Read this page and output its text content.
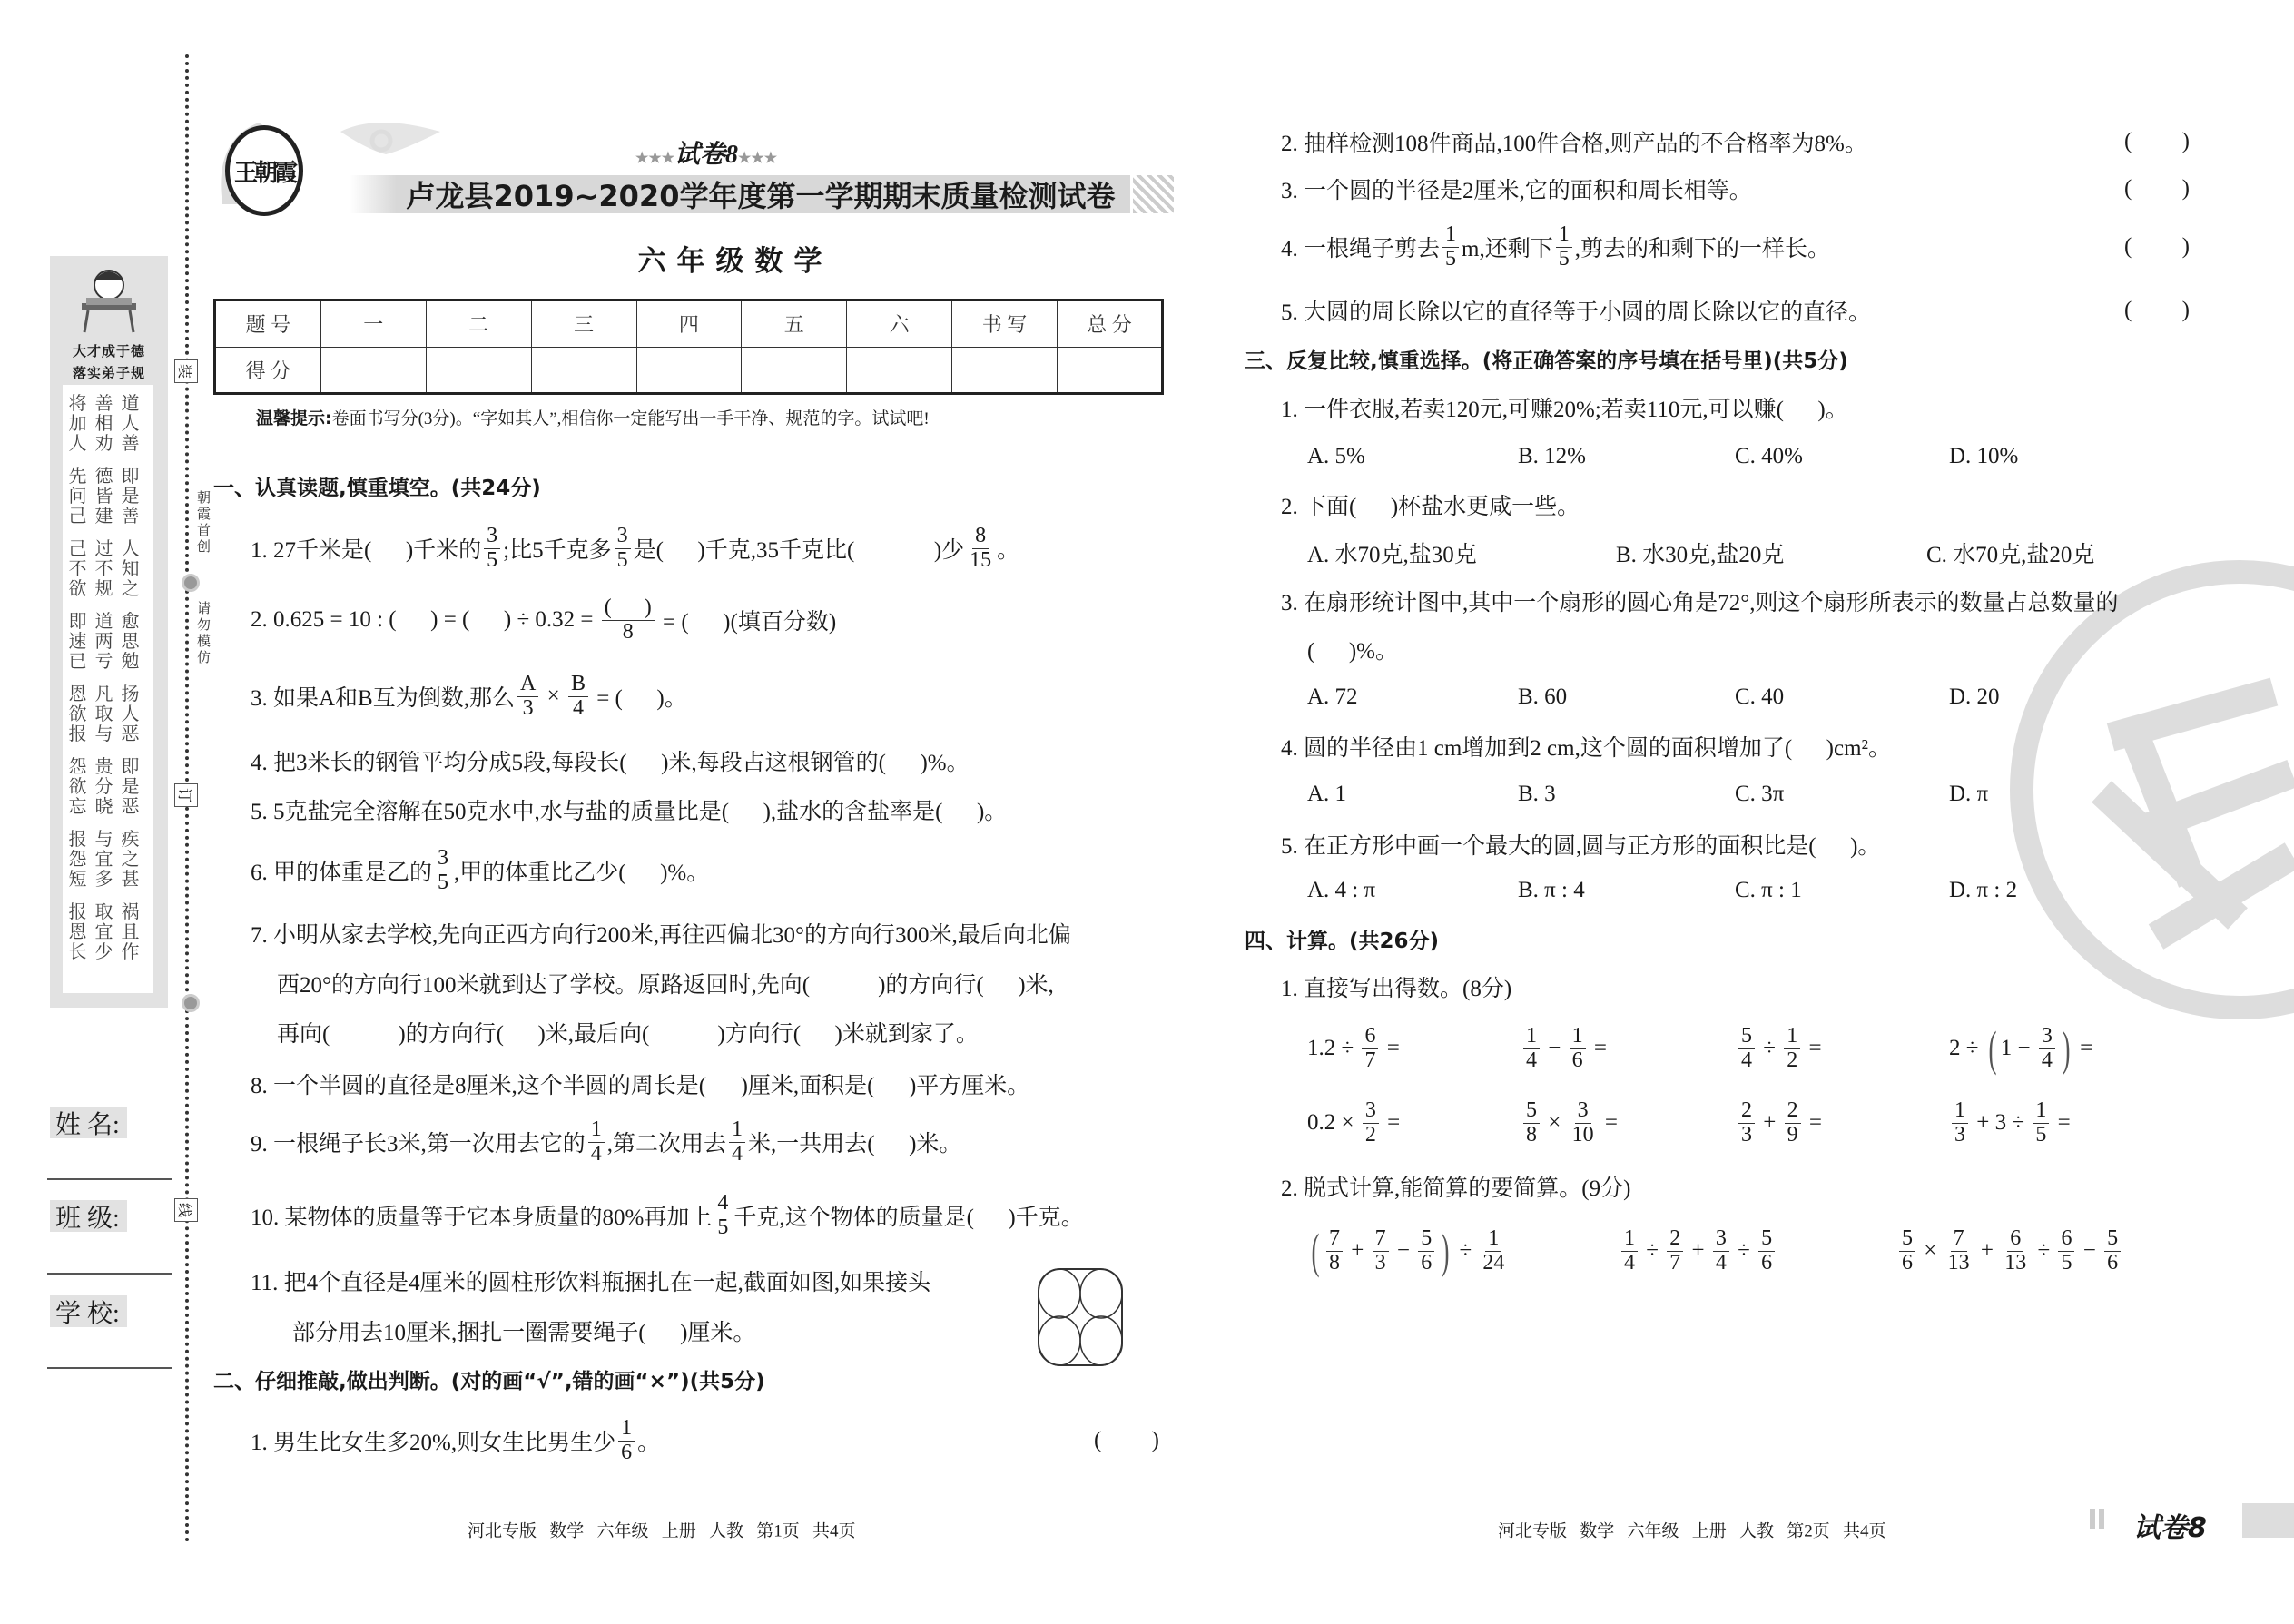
大才成于德
落实弟子规
将善道
加相人
人劝善
先德即
问皆是
己建善
己过人
不不知
欲规之
即道愈
速两思
已亏勉
恩凡扬
欲取人
报与恶
怨贵即
欲分是
忘晓恶
报与疾
怨宜之
短多甚
报取祸
恩宜且
长少作
装
朝霞首创
请勿模仿
订
线
姓 名:
班 级:
学 校:
王朝霞
★★★试卷8★★★
卢龙县2019~2020学年度第一学期期末质量检测试卷
六年级数学
题 号	一	二	三	四	五	六	书 写	总 分
得 分								
温馨提示: 卷面书写分(3分)。“字如其人”,相信你一定能写出一手干净、规范的字。试试吧!
一、认真读题,慎重填空。(共24分)
1. 27千米是(      )千米的 $\frac{3}{5}$ ;比5千克多 $\frac{3}{5}$ 是(      )千克,35千克比(              )少 $\frac{8}{15}$ 。
2. 0.625 = 10 : (      ) = (      ) ÷ $0.32 = \frac{( )}{8}$ = (      )(填百分数)
3. 如果A和B互为倒数,那么 $\frac{A}{3} \times \frac{B}{4}$ = (      )。
4. 把3米长的钢管平均分成5段,每段长(      )米,每段占这根钢管的(      )%。
5. 5克盐完全溶解在50克水中,水与盐的质量比是(      ),盐水的含盐率是(      )。
6. 甲的体重是乙的 $\frac{3}{5}$ ,甲的体重比乙少(      )%。
7. 小明从家去学校,先向正西方向行200米,再往西偏北30°的方向行300米,最后向北偏
西20°的方向行100米就到达了学校。原路返回时,先向(            )的方向行(      )米,
再向(            )的方向行(      )米,最后向(            )方向行(      )米就到家了。
8. 一个半圆的直径是8厘米,这个半圆的周长是(      )厘米,面积是(      )平方厘米。
9. 一根绳子长3米,第一次用去它的 $\frac{1}{4}$ ,第二次用去 $\frac{1}{4}$ 米,一共用去(      )米。
10. 某物体的质量等于它本身质量的80%再加上 $\frac{4}{5}$ 千克,这个物体的质量是(      )千克。
11. 把4个直径是4厘米的圆柱形饮料瓶捆扎在一起,截面如图,如果接头
部分用去10厘米,捆扎一圈需要绳子(      )厘米。
二、仔细推敲,做出判断。(对的画“√”,错的画“×”)(共5分)
1. 男生比女生多20%,则女生比男生少 $\frac{1}{6}$ 。	( )
河北专版   数学   六年级   上册   人教   第1页   共4页
2. 抽样检测108件商品,100件合格,则产品的不合格率为8%。
3. 一个圆的半径是2厘米,它的面积和周长相等。
4. 一根绳子剪去 $\frac{1}{5} m$,还剩下 $\frac{1}{5}$ ,剪去的和剩下的一样长。
5. 大圆的周长除以它的直径等于小圆的周长除以它的直径。
( )
( )
( )
( )
三、反复比较,慎重选择。(将正确答案的序号填在括号里)(共5分)
1. 一件衣服,若卖120元,可赚20%;若卖110元,可以赚(      )。
2. 下面(      )杯盐水更咸一些。
3. 在扇形统计图中,其中一个扇形的圆心角是72°,则这个扇形所表示的数量占总数量的
(      )%。
4. 圆的半径由1 cm增加到2 cm,这个圆的面积增加了(      )cm²。
5. 在正方形中画一个最大的圆,圆与正方形的面积比是(      )。
四、计算。(共26分)
1. 直接写出得数。(8分)
2. 脱式计算,能简算的要简算。(9分)
河北专版   数学   六年级   上册   人教   第2页   共4页	试卷8
A. 5%	B. 12%	C. 40%	D. 10%
A. 水70克,盐30克	B. 水30克,盐20克	C. 水70克,盐20克
A. 72	B. 60	C. 40	D. 20
A. 1	B. 3	C. 3π	D. π
A. 4 : π	B. π : 4	C. π : 1	D. π : 2
$1.2 \div \frac{6}{7}$ =	$\frac{1}{4} - \frac{1}{6}$ =	$\frac{5}{4} \div \frac{1}{2}$ =	2 ÷ ( $1 - \frac{3}{4}$ ) =
$0.2 \times \frac{3}{2}$ =	$\frac{5}{8} \times \frac{3}{10}$ =	$\frac{2}{3} + \frac{2}{9}$ =	$\frac{1}{3} + 3 \div \frac{1}{5}$ =
( $\frac{7}{8} + \frac{7}{3} - \frac{5}{6}$ ) ÷ $\frac{1}{24}$	$\frac{1}{4} \div \frac{2}{7} + \frac{3}{4} \div \frac{5}{6}$	$\frac{5}{6} \times \frac{7}{13} + \frac{6}{13} \div \frac{6}{5} - \frac{5}{6}$
